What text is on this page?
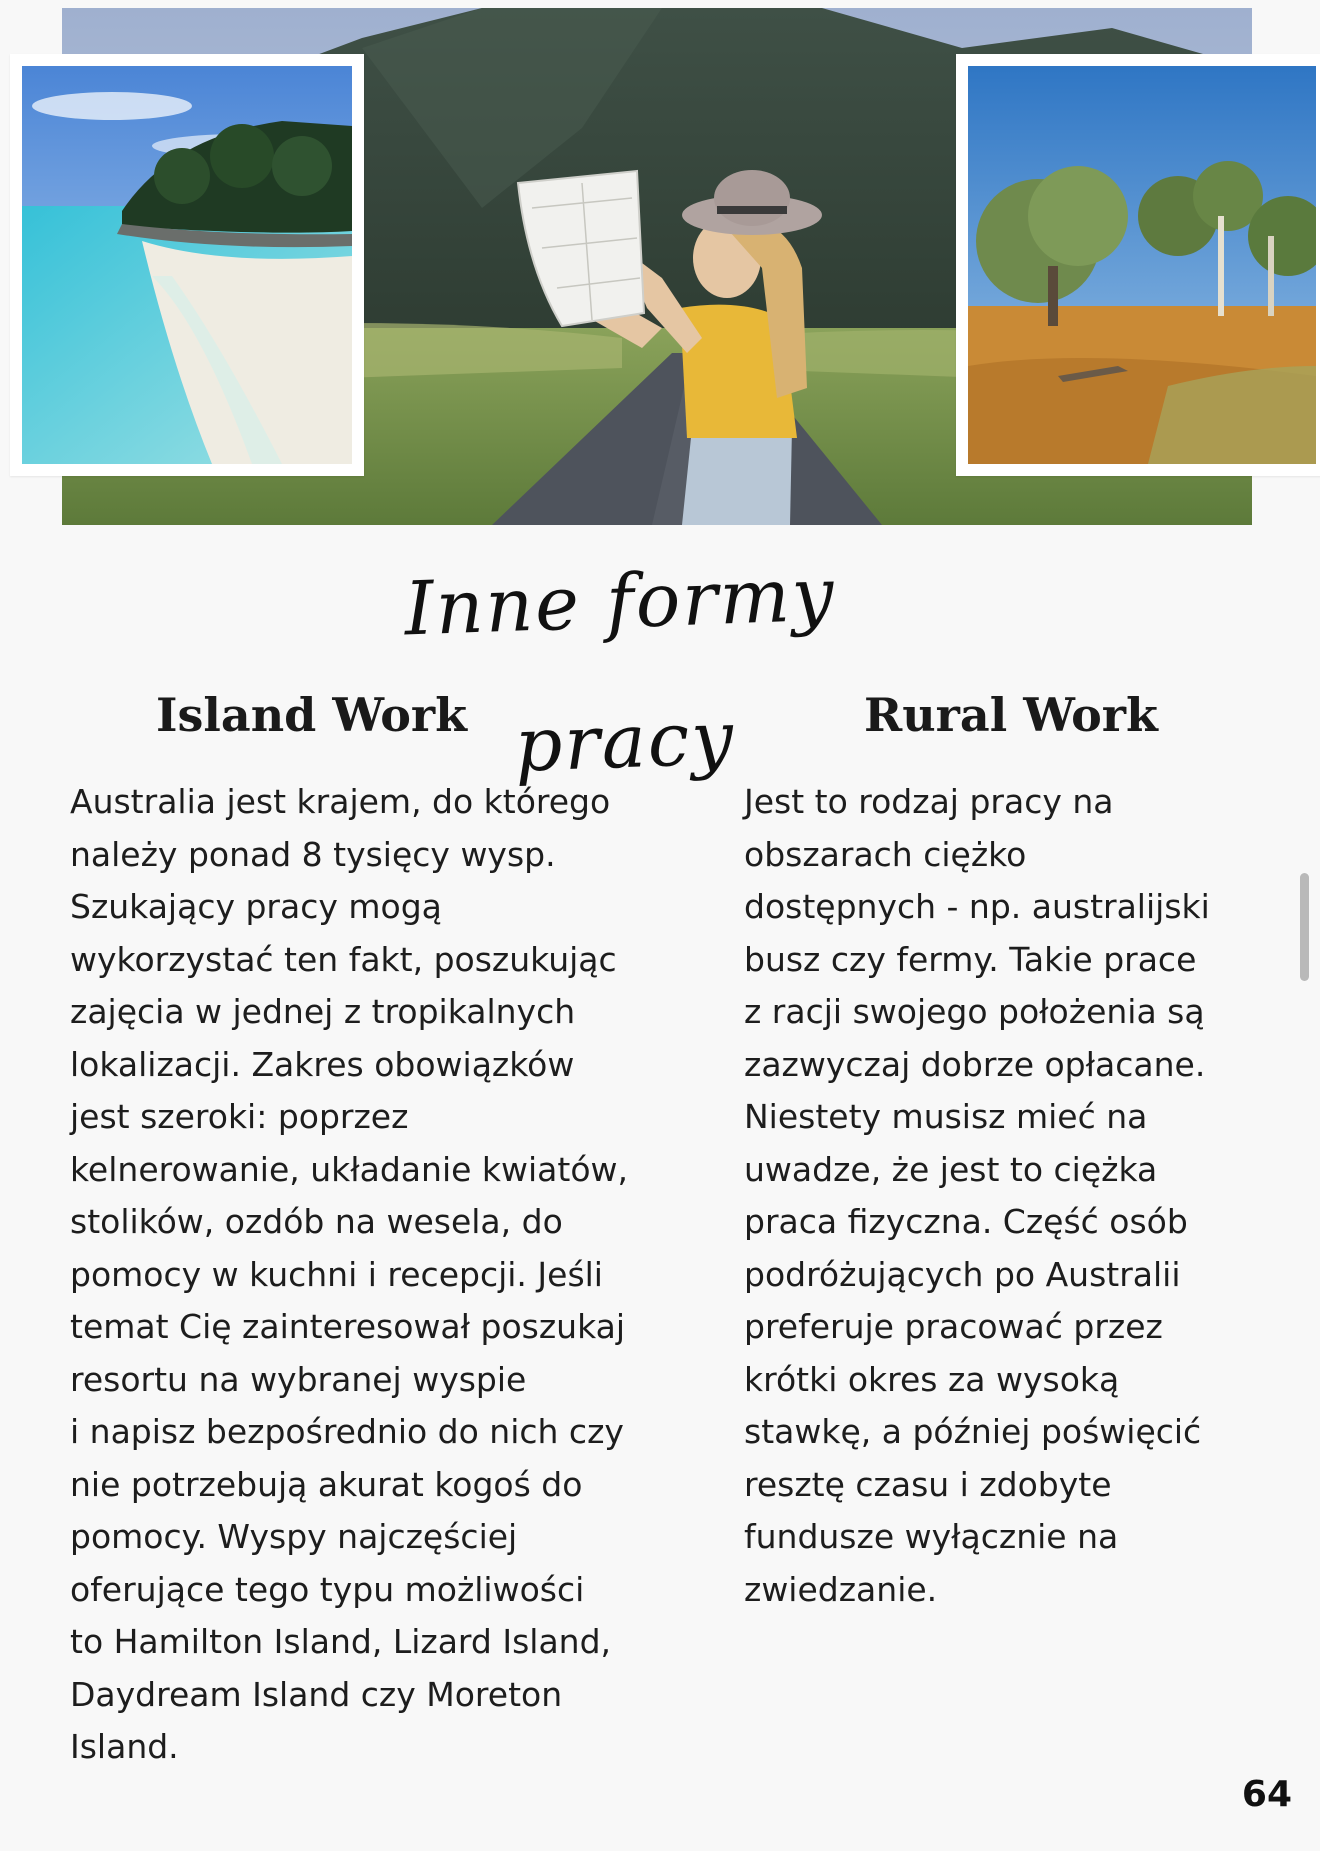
Inne formy pracy
Island Work	Rural Work

Australia jest krajem, do którego
należy ponad 8 tysięcy wysp.
Szukający pracy mogą
wykorzystać ten fakt, poszukując
zajęcia w jednej z tropikalnych
lokalizacji. Zakres obowiązków
jest szeroki: poprzez
kelnerowanie, układanie kwiatów,
stolików, ozdób na wesela, do
pomocy w kuchni i recepcji. Jeśli
temat Cię zainteresował poszukaj
resortu na wybranej wyspie
i napisz bezpośrednio do nich czy
nie potrzebują akurat kogoś do
pomocy. Wyspy najczęściej
oferujące tego typu możliwości
to Hamilton Island, Lizard Island,
Daydream Island czy Moreton
Island.

Jest to rodzaj pracy na
obszarach ciężko
dostępnych - np. australijski
busz czy fermy. Takie prace
z racji swojego położenia są
zazwyczaj dobrze opłacane.
Niestety musisz mieć na
uwadze, że jest to ciężka
praca fizyczna. Część osób
podróżujących po Australii
preferuje pracować przez
krótki okres za wysoką
stawkę, a później poświęcić
resztę czasu i zdobyte
fundusze wyłącznie na
zwiedzanie.

64
